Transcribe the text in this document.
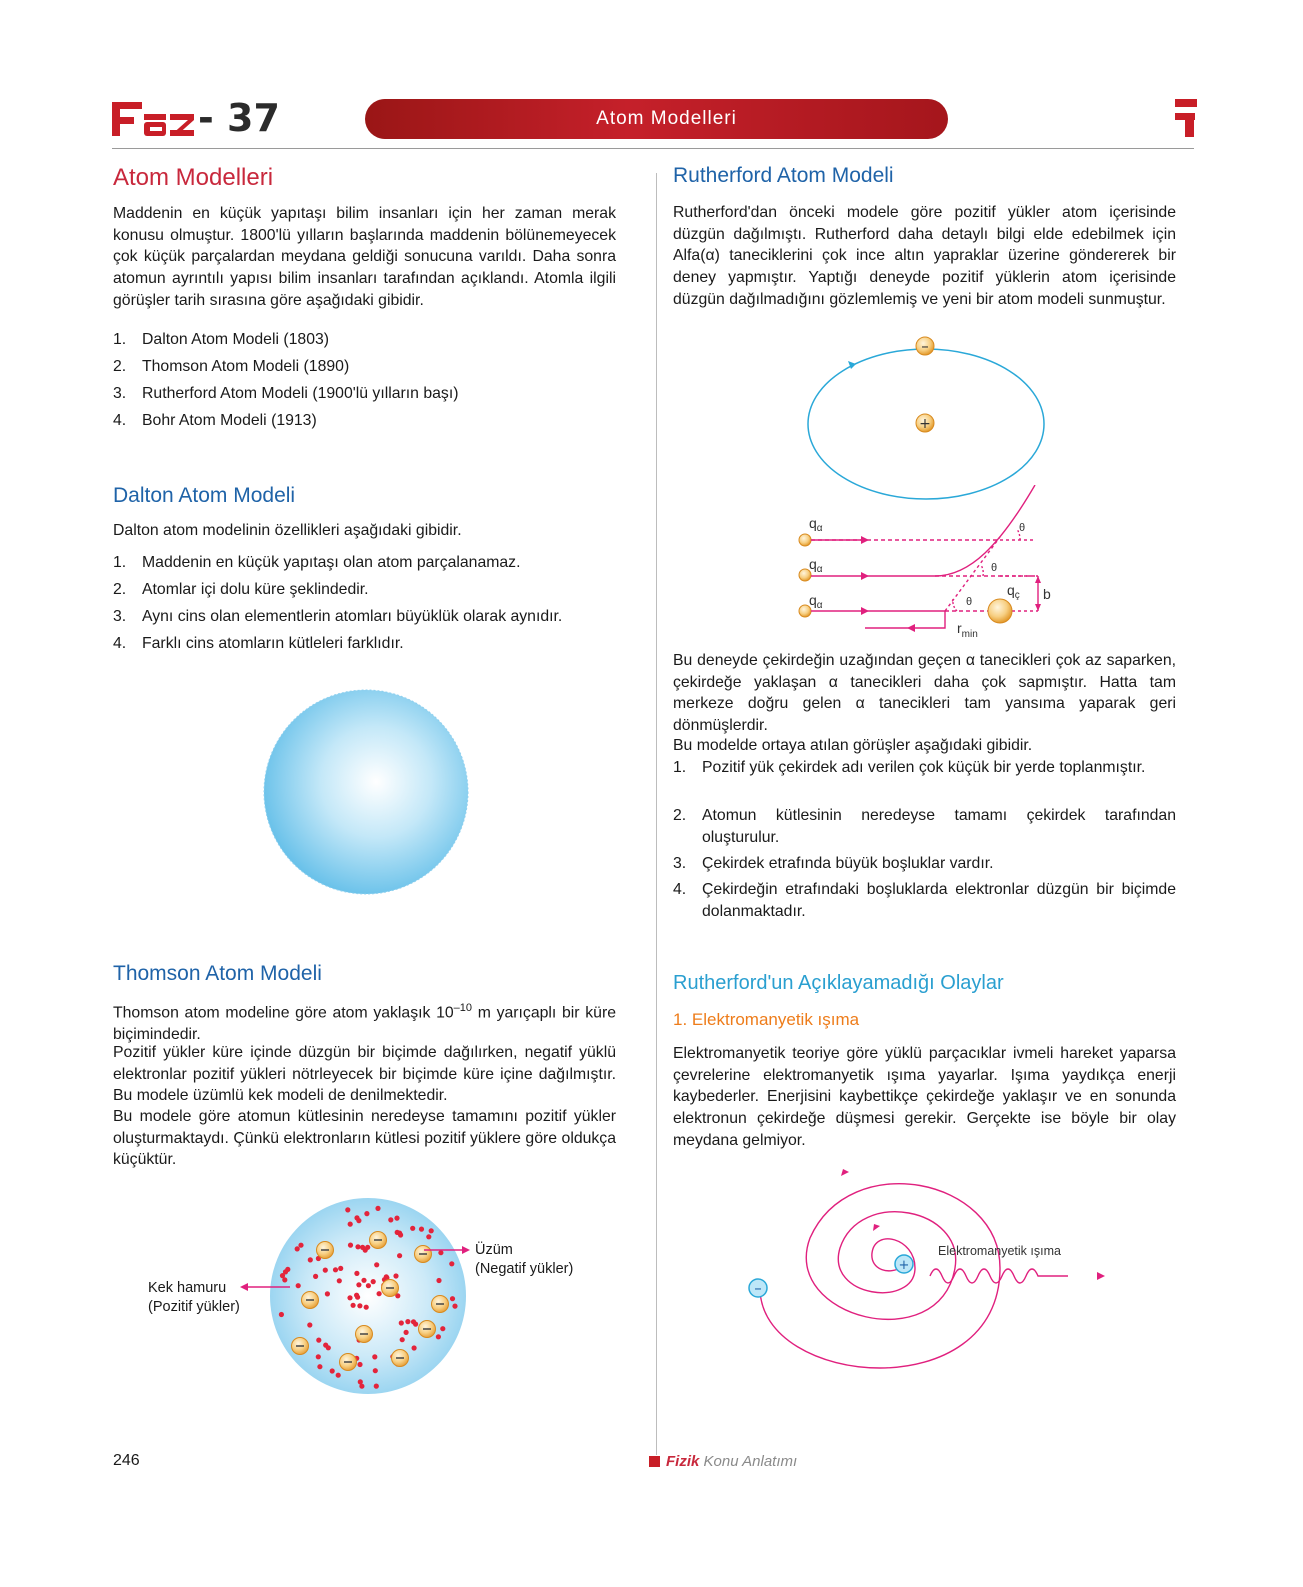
- 37	Atom Modelleri
Atom Modelleri
Maddenin en küçük yapıtaşı bilim insanları için her zaman merak konusu olmuştur. 1800'lü yılların başlarında maddenin bölünemeyecek çok küçük parçalardan meydana geldiği sonucuna varıldı. Daha sonra atomun ayrıntılı yapısı bilim insanları tarafından açıklandı. Atomla ilgili görüşler tarih sırasına göre aşağıdaki gibidir.
1. Dalton Atom Modeli (1803)
2. Thomson Atom Modeli (1890)
3. Rutherford Atom Modeli (1900'lü yılların başı)
4. Bohr Atom Modeli (1913)
Dalton Atom Modeli
Dalton atom modelinin özellikleri aşağıdaki gibidir.
1. Maddenin en küçük yapıtaşı olan atom parçalanamaz.
2. Atomlar içi dolu küre şeklindedir.
3. Aynı cins olan elementlerin atomları büyüklük olarak aynıdır.
4. Farklı cins atomların kütleleri farklıdır.
Thomson Atom Modeli
Thomson atom modeline göre atom yaklaşık $10^{-10}$ m yarıçaplı bir küre biçimindedir.
Pozitif yükler küre içinde düzgün bir biçimde dağılırken, negatif yüklü elektronlar pozitif yükleri nötrleyecek bir biçimde küre içine dağılmıştır. Bu modele üzümlü kek modeli de denilmektedir.
Bu modele göre atomun kütlesinin neredeyse tamamını pozitif yükler oluşturmaktaydı. Çünkü elektronların kütlesi pozitif yüklere göre oldukça küçüktür.
Kek hamuru
(Pozitif yükler)
Üzüm
(Negatif yükler)
Rutherford Atom Modeli
Rutherford'dan önceki modele göre pozitif yükler atom içerisinde düzgün dağılmıştı. Rutherford daha detaylı bilgi elde edebilmek için Alfa(α) taneciklerini çok ince altın yapraklar üzerine göndererek bir deney yapmıştır. Yaptığı deneyde pozitif yüklerin atom içerisinde düzgün dağılmadığını gözlemlemiş ve yeni bir atom modeli sunmuştur.
–
+
$q_\alpha$
$q_\alpha$
$q_\alpha$
θ
θ
θ
$q_ç$ b
$r_{min}$
Bu deneyde çekirdeğin uzağından geçen α tanecikleri çok az saparken, çekirdeğe yaklaşan α tanecikleri daha çok sapmıştır. Hatta tam merkeze doğru gelen α tanecikleri tam yansıma yaparak geri dönmüşlerdir.
Bu modelde ortaya atılan görüşler aşağıdaki gibidir.
1. Pozitif yük çekirdek adı verilen çok küçük bir yerde toplanmıştır.
2. Atomun kütlesinin neredeyse tamamı çekirdek tarafından oluşturulur.
3. Çekirdek etrafında büyük boşluklar vardır.
4. Çekirdeğin etrafındaki boşluklarda elektronlar düzgün bir biçimde dolanmaktadır.
Rutherford'un Açıklayamadığı Olaylar
1. Elektromanyetik ışıma
Elektromanyetik teoriye göre yüklü parçacıklar ivmeli hareket yaparsa çevrelerine elektromanyetik ışıma yayarlar. Işıma yaydıkça enerji kaybederler. Enerjisini kaybettikçe çekirdeğe yaklaşır ve en sonunda elektronun çekirdeğe düşmesi gerekir. Gerçekte ise böyle bir olay meydana gelmiyor.
–
+
Elektromanyetik ışıma
246	Fizik Konu Anlatımı
